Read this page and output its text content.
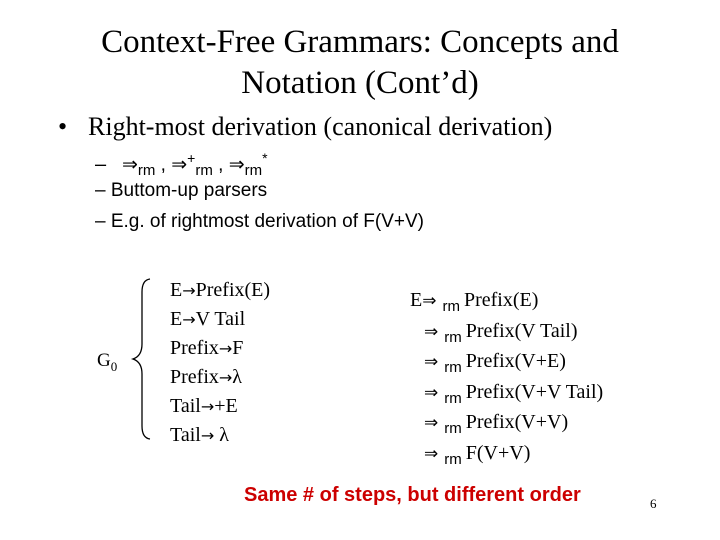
Context-Free Grammars: Concepts and
Notation (Cont’d)
• Right-most derivation (canonical derivation)
– $\Rightarrow_{rm}$ , $\Rightarrow^+_{rm}$ , $\Rightarrow_{rm}^*$
– Buttom-up parsers
– E.g. of rightmost derivation of F(V+V)
$G_0$
E→Prefix(E)
E→V Tail
Prefix→F
Prefix→λ
Tail→+E
Tail→ λ
E⇒ $_{rm}$ Prefix(E)
⇒ $_{rm}$ Prefix(V Tail)
⇒ $_{rm}$ Prefix(V+E)
⇒ $_{rm}$ Prefix(V+V Tail)
⇒ $_{rm}$ Prefix(V+V)
⇒ $_{rm}$ F(V+V)
Same # of steps, but different order	6
